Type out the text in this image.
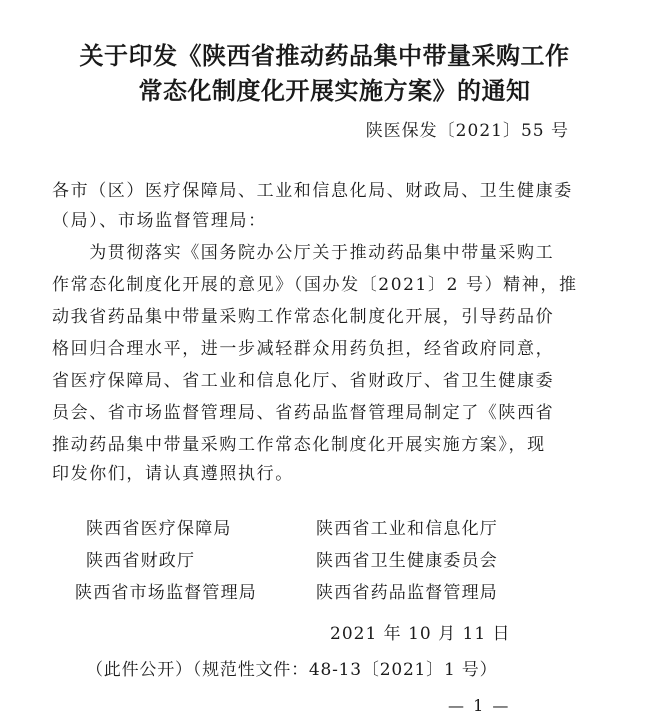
关于印发《陕西省推动药品集中带量采购工作
常态化制度化开展实施方案》的通知
陕医保发〔2021〕55 号
各市（区）医疗保障局、工业和信息化局、财政局、卫生健康委
（局）、市场监督管理局：
　　为贯彻落实《国务院办公厅关于推动药品集中带量采购工
作常态化制度化开展的意见》（国办发〔2021〕2 号）精神，推
动我省药品集中带量采购工作常态化制度化开展，引导药品价
格回归合理水平，进一步减轻群众用药负担，经省政府同意，
省医疗保障局、省工业和信息化厅、省财政厅、省卫生健康委
员会、省市场监督管理局、省药品监督管理局制定了《陕西省
推动药品集中带量采购工作常态化制度化开展实施方案》，现
印发你们，请认真遵照执行。
陕西省医疗保障局
陕西省财政厅
陕西省市场监督管理局
陕西省工业和信息化厅
陕西省卫生健康委员会
陕西省药品监督管理局
2021 年 10 月 11 日
（此件公开）（规范性文件：48-13〔2021〕1 号）
— 1 —
